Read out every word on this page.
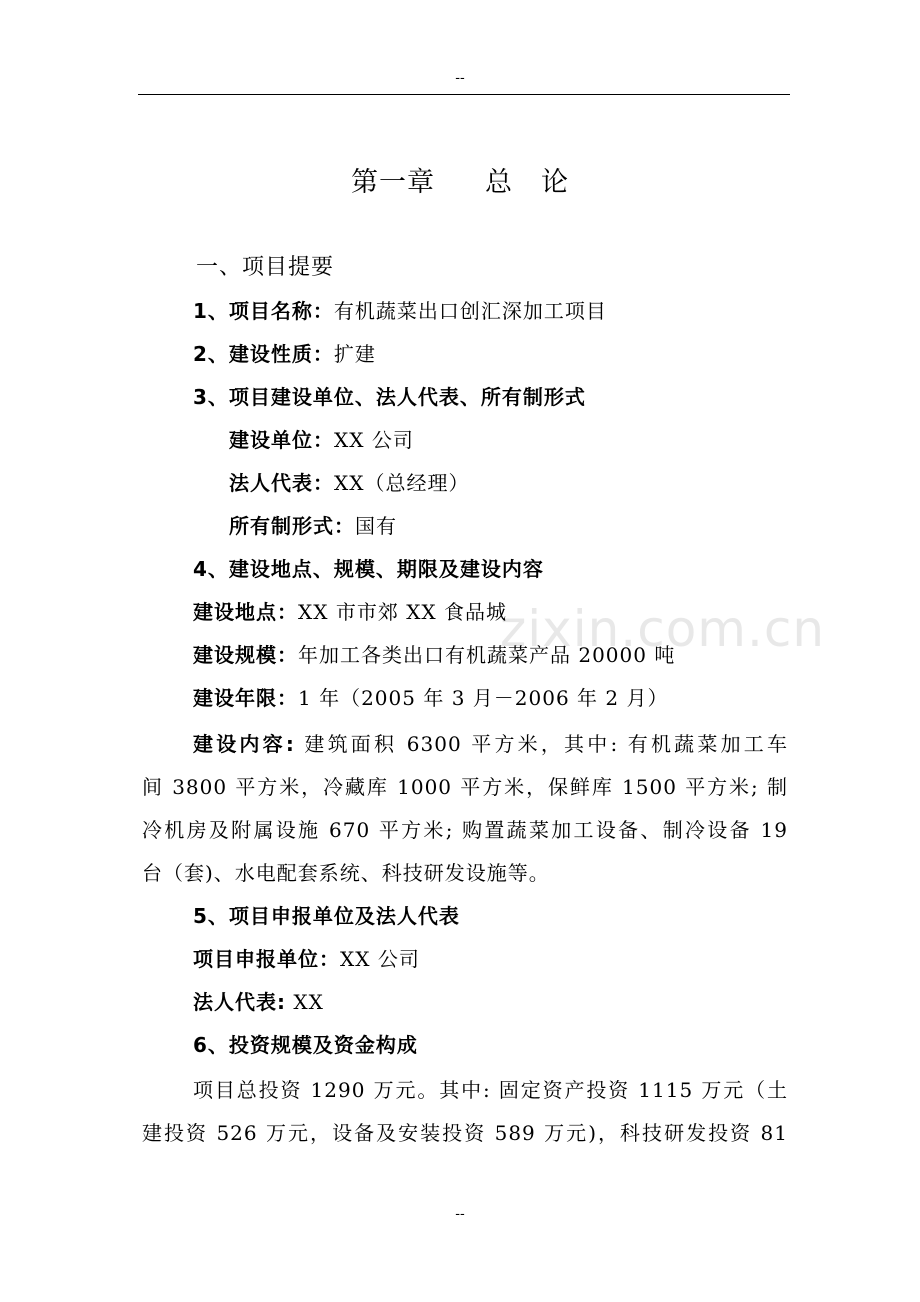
--
zixin.com.cn
第一章 总　论
一、项目提要
1、项目名称：有机蔬菜出口创汇深加工项目
2、建设性质：扩建
3、项目建设单位、法人代表、所有制形式
建设单位：XX 公司
法人代表：XX（总经理）
所有制形式：国有
4、建设地点、规模、期限及建设内容
建设地点：XX 市市郊 XX 食品城
建设规模：年加工各类出口有机蔬菜产品 20000 吨
建设年限：1 年（2005 年 3 月－2006 年 2 月）
建设内容: 建筑面积 6300 平方米，其中: 有机蔬菜加工车
间 3800 平方米，冷藏库 1000 平方米，保鲜库 1500 平方米; 制
冷机房及附属设施 670 平方米; 购置蔬菜加工设备、制冷设备 19
台（套)、水电配套系统、科技研发设施等。
5、项目申报单位及法人代表
项目申报单位：XX 公司
法人代表: XX
6、投资规模及资金构成
项目总投资 1290 万元。其中: 固定资产投资 1115 万元（土
建投资 526 万元，设备及安装投资 589 万元)，科技研发投资 81
--
